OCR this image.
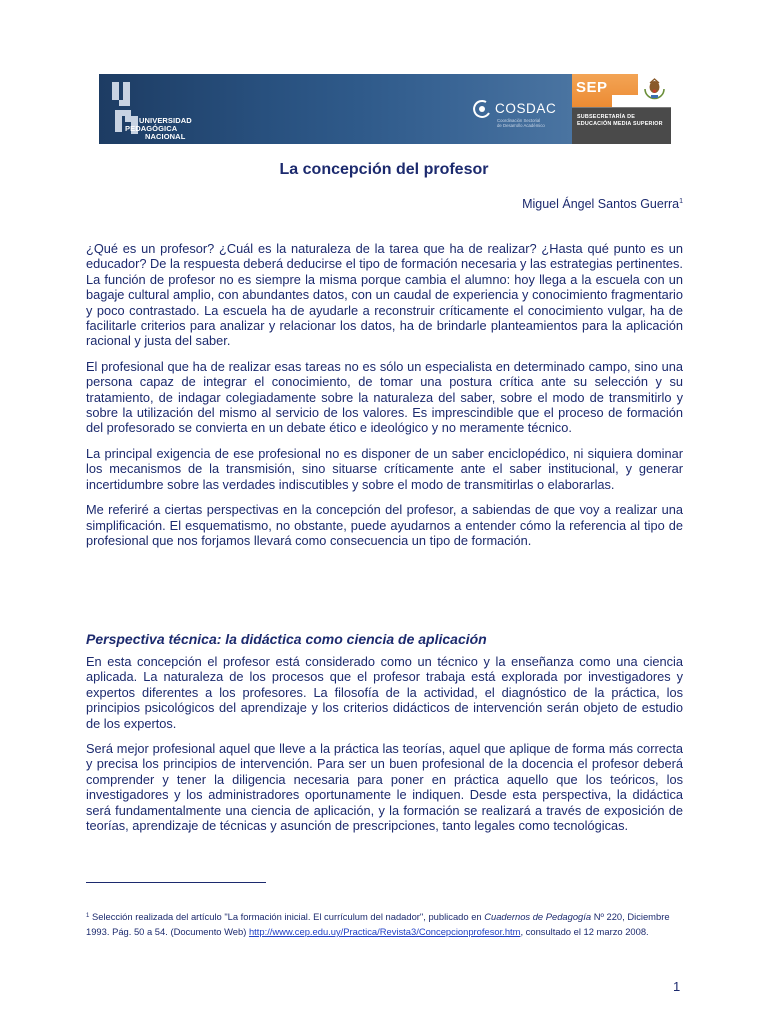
UNIVERSIDAD
PEDAGÓGICA
NACIONAL
COSDAC
Coordinación Sectorial
de Desarrollo Académico
SEP
SUBSECRETARÍA DE
EDUCACIÓN MEDIA SUPERIOR
La concepción del profesor
Miguel Ángel Santos Guerra$^1$

¿Qué es un profesor? ¿Cuál es la naturaleza de la tarea que ha de realizar? ¿Hasta qué punto es un educador? De la respuesta deberá deducirse el tipo de formación necesaria y las estrategias pertinentes. La función de profesor no es siempre la misma porque cambia el alumno: hoy llega a la escuela con un bagaje cultural amplio, con abundantes datos, con un caudal de experiencia y conocimiento fragmentario y poco contrastado. La escuela ha de ayudarle a reconstruir críticamente el conocimiento vulgar, ha de facilitarle criterios para analizar y relacionar los datos, ha de brindarle planteamientos para la aplicación racional y justa del saber.

El profesional que ha de realizar esas tareas no es sólo un especialista en determinado campo, sino una persona capaz de integrar el conocimiento, de tomar una postura crítica ante su selección y su tratamiento, de indagar colegiadamente sobre la naturaleza del saber, sobre el modo de transmitirlo y sobre la utilización del mismo al servicio de los valores. Es imprescindible que el proceso de formación del profesorado se convierta en un debate ético e ideológico y no meramente técnico.

La principal exigencia de ese profesional no es disponer de un saber enciclopédico, ni siquiera dominar los mecanismos de la transmisión, sino situarse críticamente ante el saber institucional, y generar incertidumbre sobre las verdades indiscutibles y sobre el modo de transmitirlas o elaborarlas.

Me referiré a ciertas perspectivas en la concepción del profesor, a sabiendas de que voy a realizar una simplificación. El esquematismo, no obstante, puede ayudarnos a entender cómo la referencia al tipo de profesional que nos forjamos llevará como consecuencia un tipo de formación.

Perspectiva técnica: la didáctica como ciencia de aplicación

En esta concepción el profesor está considerado como un técnico y la enseñanza como una ciencia aplicada. La naturaleza de los procesos que el profesor trabaja está explorada por investigadores y expertos diferentes a los profesores. La filosofía de la actividad, el diagnóstico de la práctica, los principios psicológicos del aprendizaje y los criterios didácticos de intervención serán objeto de estudio de los expertos.

Será mejor profesional aquel que lleve a la práctica las teorías, aquel que aplique de forma más correcta y precisa los principios de intervención. Para ser un buen profesional de la docencia el profesor deberá comprender y tener la diligencia necesaria para poner en práctica aquello que los teóricos, los investigadores y los administradores oportunamente le indiquen. Desde esta perspectiva, la didáctica será fundamentalmente una ciencia de aplicación, y la formación se realizará a través de exposición de teorías, aprendizaje de técnicas y asunción de prescripciones, tanto legales como tecnológicas.

$^1$ Selección realizada del artículo "La formación inicial. El currículum del nadador", publicado en Cuadernos de Pedagogía Nº 220, Diciembre 1993. Pág. 50 a 54. (Documento Web) http://www.cep.edu.uy/Practica/Revista3/Concepcionprofesor.htm, consultado el 12 marzo 2008.
1
